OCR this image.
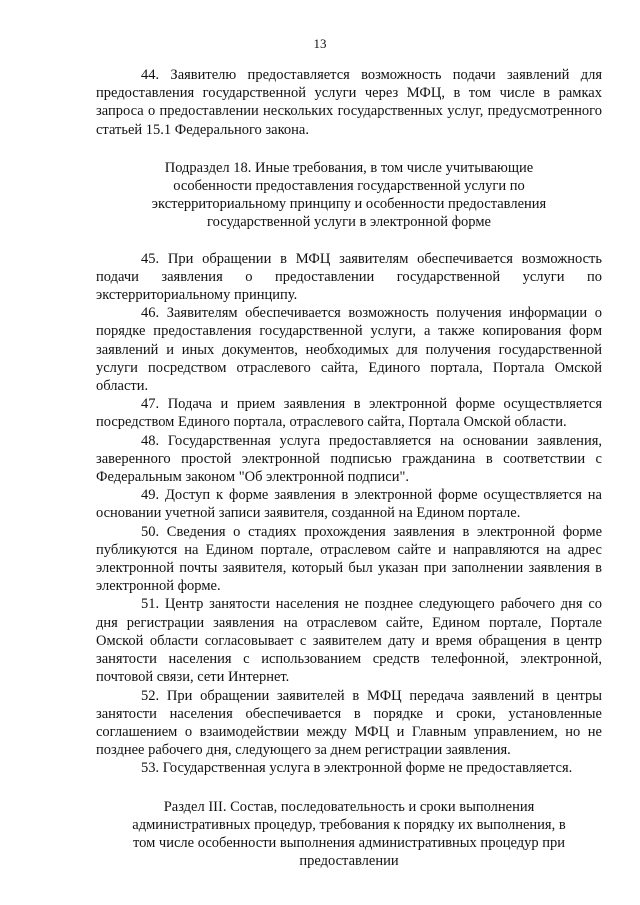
13

44. Заявителю предоставляется возможность подачи заявлений для предоставления государственной услуги через МФЦ, в том числе в рамках запроса о предоставлении нескольких государственных услуг, предусмотренного статьей 15.1 Федерального закона.

Подраздел 18. Иные требования, в том числе учитывающие особенности предоставления государственной услуги по экстерриториальному принципу и особенности предоставления государственной услуги в электронной форме

45. При обращении в МФЦ заявителям обеспечивается возможность подачи заявления о предоставлении государственной услуги по экстерриториальному принципу.

46. Заявителям обеспечивается возможность получения информации о порядке предоставления государственной услуги, а также копирования форм заявлений и иных документов, необходимых для получения государственной услуги посредством отраслевого сайта, Единого портала, Портала Омской области.

47. Подача и прием заявления в электронной форме осуществляется посредством Единого портала, отраслевого сайта, Портала Омской области.

48. Государственная услуга предоставляется на основании заявления, заверенного простой электронной подписью гражданина в соответствии с Федеральным законом "Об электронной подписи".

49. Доступ к форме заявления в электронной форме осуществляется на основании учетной записи заявителя, созданной на Едином портале.

50. Сведения о стадиях прохождения заявления в электронной форме публикуются на Едином портале, отраслевом сайте и направляются на адрес электронной почты заявителя, который был указан при заполнении заявления в электронной форме.

51. Центр занятости населения не позднее следующего рабочего дня со дня регистрации заявления на отраслевом сайте, Едином портале, Портале Омской области согласовывает с заявителем дату и время обращения в центр занятости населения с использованием средств телефонной, электронной, почтовой связи, сети Интернет.

52. При обращении заявителей в МФЦ передача заявлений в центры занятости населения обеспечивается в порядке и сроки, установленные соглашением о взаимодействии между МФЦ и Главным управлением, но не позднее рабочего дня, следующего за днем регистрации заявления.

53. Государственная услуга в электронной форме не предоставляется.

Раздел III. Состав, последовательность и сроки выполнения административных процедур, требования к порядку их выполнения, в том числе особенности выполнения административных процедур при предоставлении
